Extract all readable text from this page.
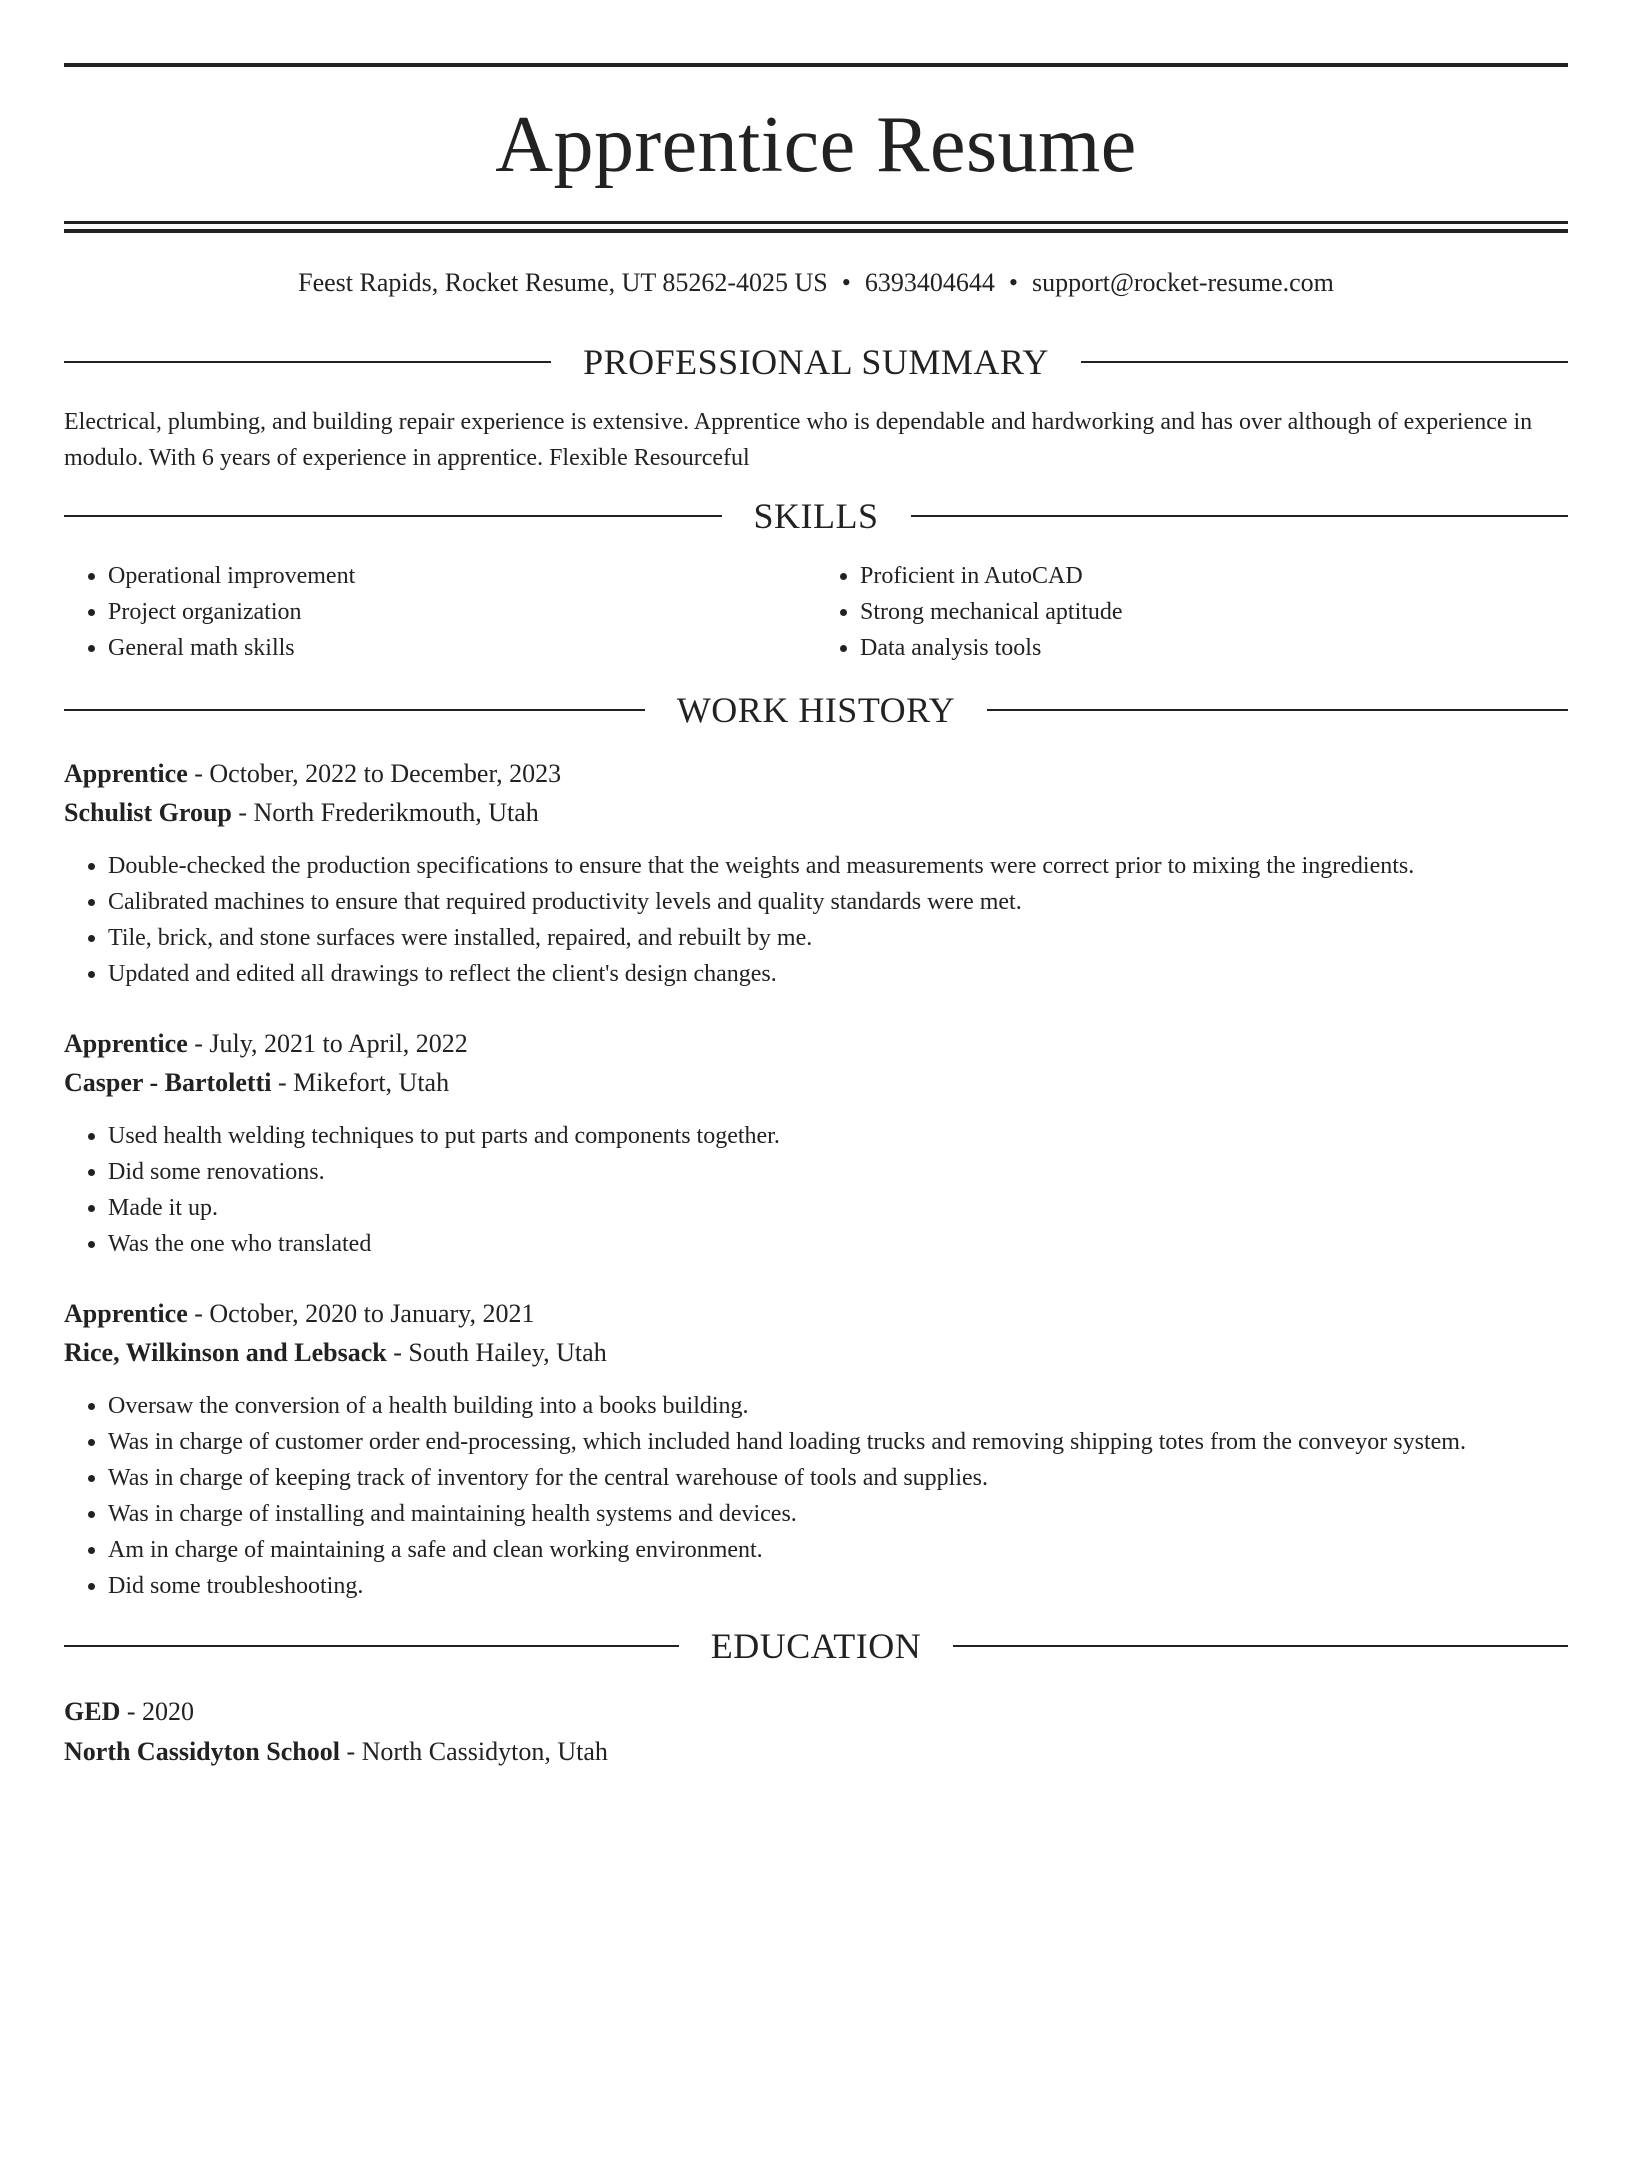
Apprentice Resume
Feest Rapids, Rocket Resume, UT 85262-4025 US • 6393404644 • support@rocket-resume.com
PROFESSIONAL SUMMARY
Electrical, plumbing, and building repair experience is extensive. Apprentice who is dependable and hardworking and has over although of experience in modulo. With 6 years of experience in apprentice. Flexible Resourceful
SKILLS
• Operational improvement
• Project organization
• General math skills
• Proficient in AutoCAD
• Strong mechanical aptitude
• Data analysis tools
WORK HISTORY
Apprentice - October, 2022 to December, 2023
Schulist Group - North Frederikmouth, Utah
• Double-checked the production specifications to ensure that the weights and measurements were correct prior to mixing the ingredients.
• Calibrated machines to ensure that required productivity levels and quality standards were met.
• Tile, brick, and stone surfaces were installed, repaired, and rebuilt by me.
• Updated and edited all drawings to reflect the client's design changes.
Apprentice - July, 2021 to April, 2022
Casper - Bartoletti - Mikefort, Utah
• Used health welding techniques to put parts and components together.
• Did some renovations.
• Made it up.
• Was the one who translated
Apprentice - October, 2020 to January, 2021
Rice, Wilkinson and Lebsack - South Hailey, Utah
• Oversaw the conversion of a health building into a books building.
• Was in charge of customer order end-processing, which included hand loading trucks and removing shipping totes from the conveyor system.
• Was in charge of keeping track of inventory for the central warehouse of tools and supplies.
• Was in charge of installing and maintaining health systems and devices.
• Am in charge of maintaining a safe and clean working environment.
• Did some troubleshooting.
EDUCATION
GED - 2020
North Cassidyton School - North Cassidyton, Utah
